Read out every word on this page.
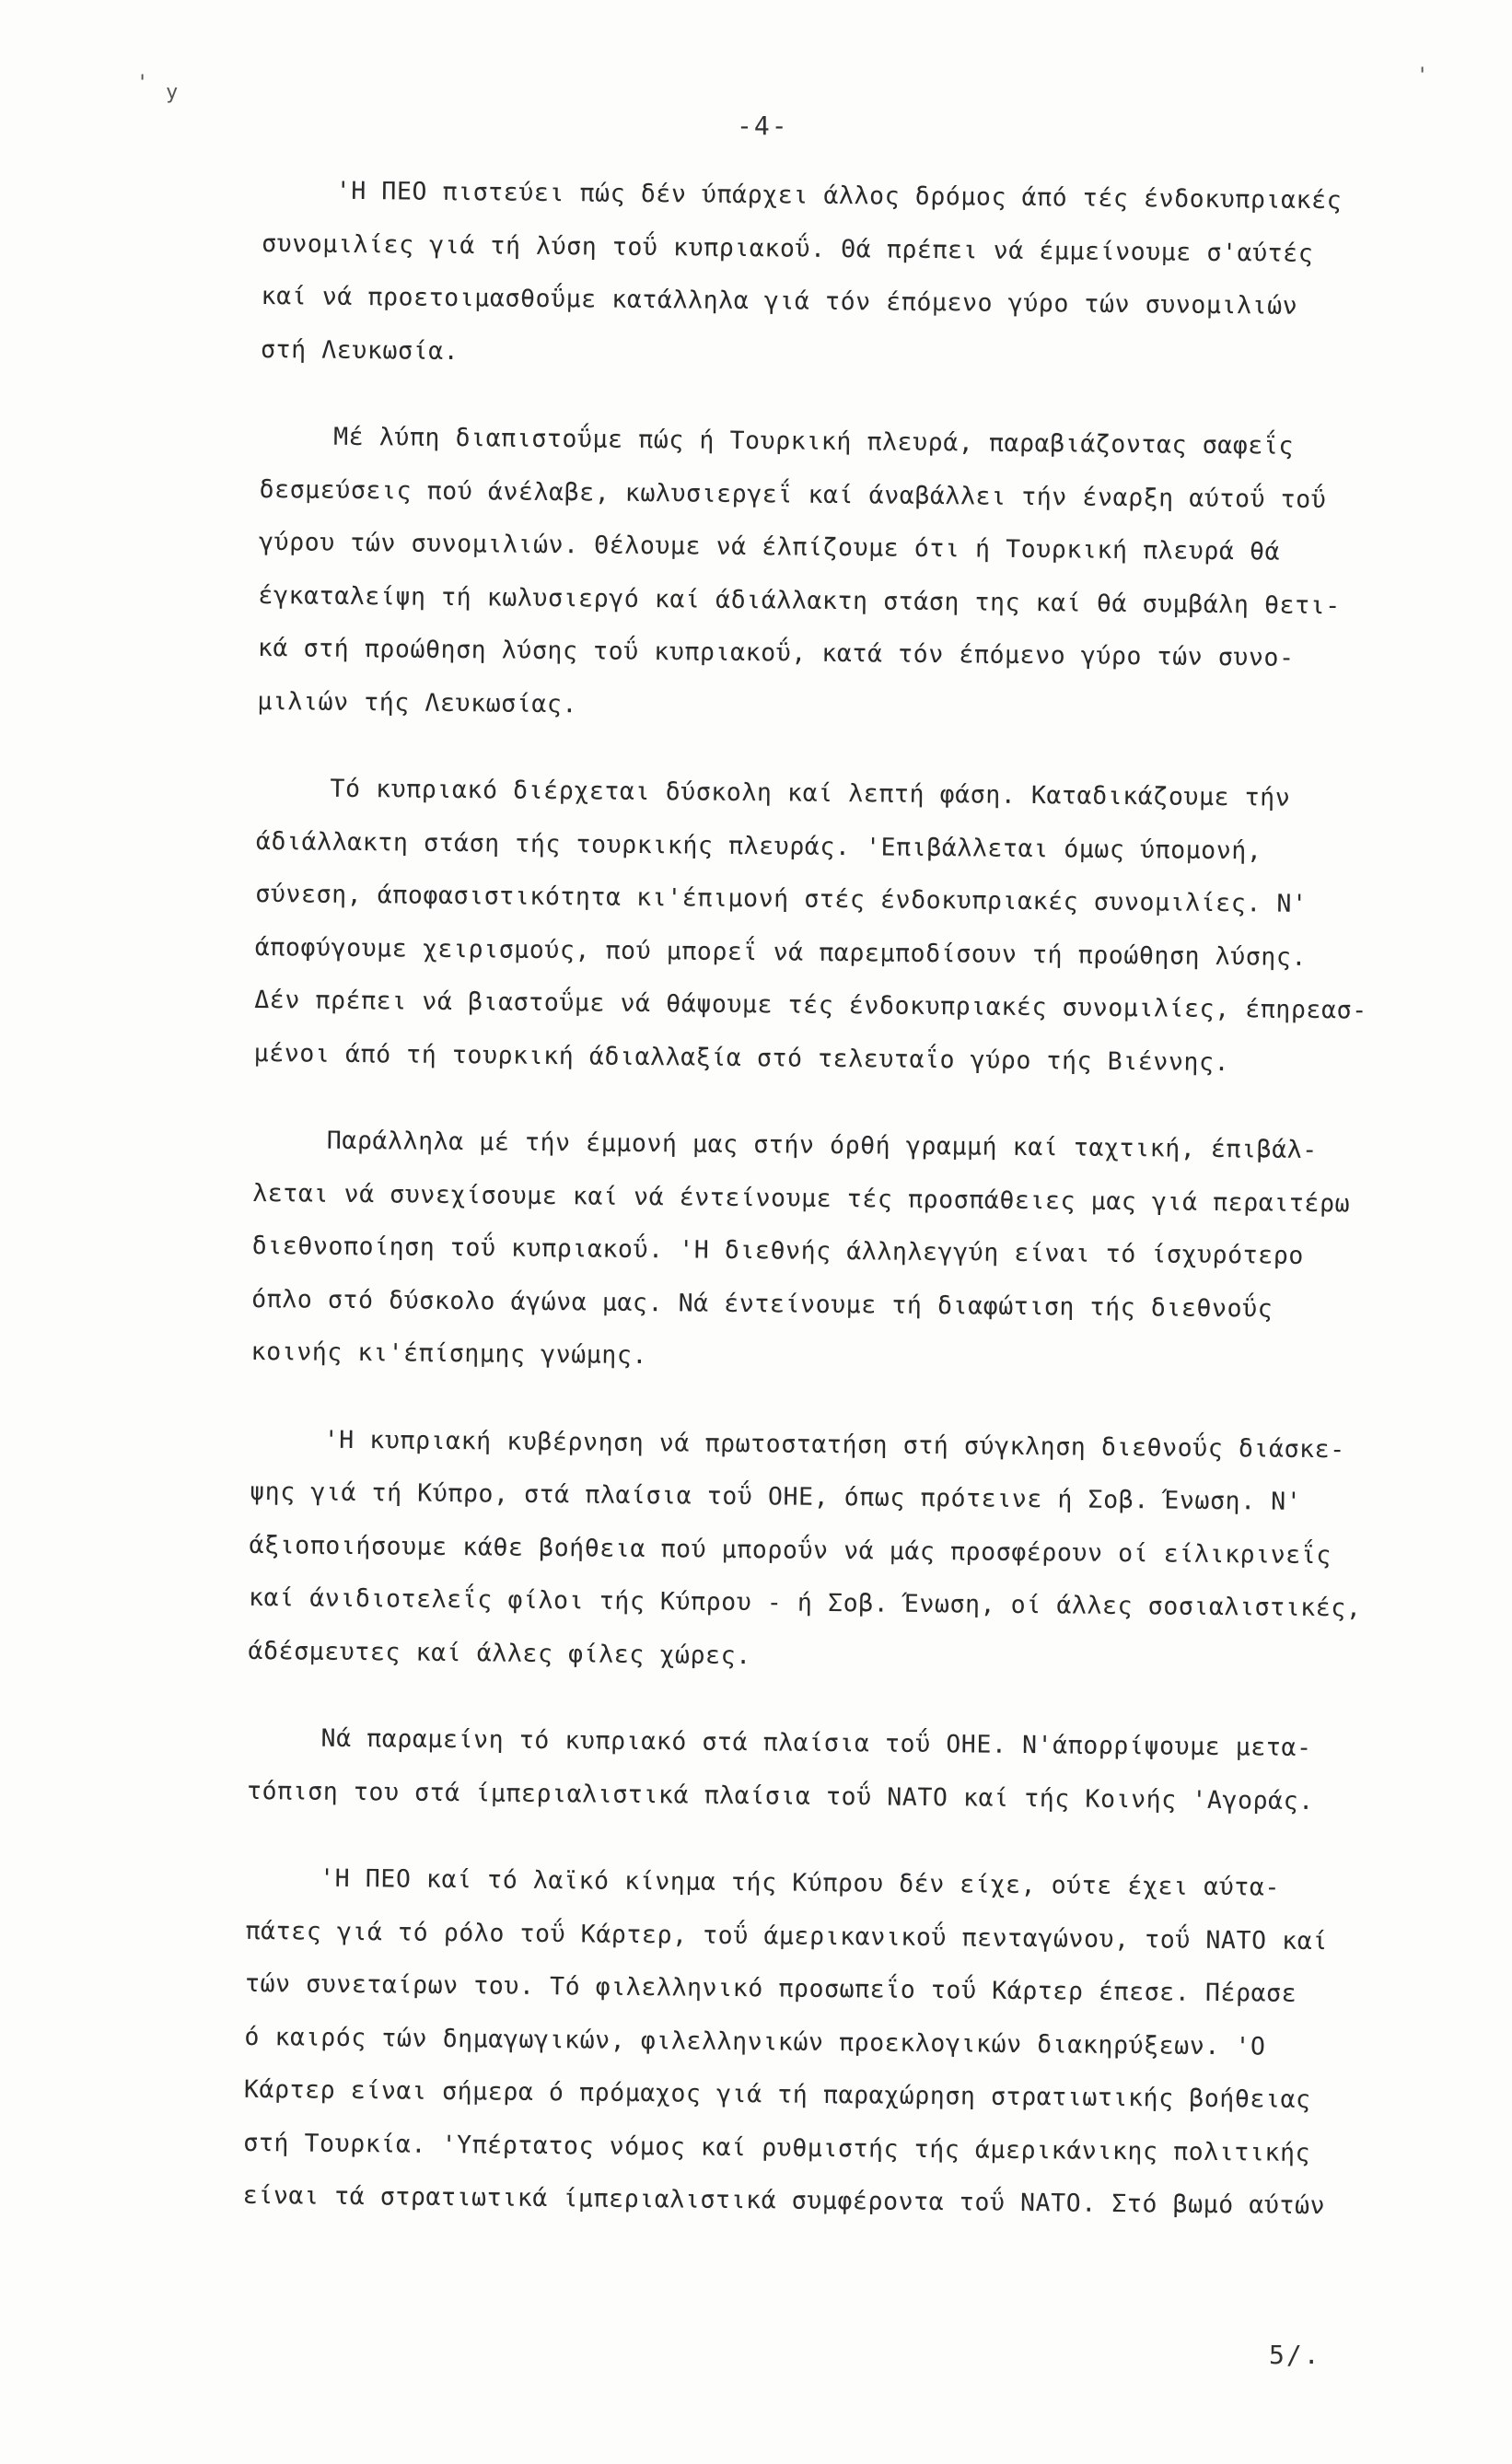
' у
'
-4-
'Η ΠΕΟ πιστεύει πώς δέν ύπάρχει άλλος δρόμος άπό τές ένδοκυπριακές
συνομιλίες γιά τή λύση τοΰ κυπριακοΰ. Θά πρέπει νά έμμείνουμε σ'αύτές
καί νά προετοιμασθοΰμε κατάλληλα γιά τόν έπόμενο γύρο τών συνομιλιών
στή Λευκωσία.
Μέ λύπη διαπιστοΰμε πώς ή Τουρκική πλευρά, παραβιάζοντας σαφεΐς
δεσμεύσεις πού άνέλαβε, κωλυσιεργεΐ καί άναβάλλει τήν έναρξη αύτοΰ τοΰ
γύρου τών συνομιλιών. Θέλουμε νά έλπίζουμε ότι ή Τουρκική πλευρά θά
έγκαταλείψη τή κωλυσιεργό καί άδιάλλακτη στάση της καί θά συμβάλη θετι-
κά στή προώθηση λύσης τοΰ κυπριακοΰ, κατά τόν έπόμενο γύρο τών συνο-
μιλιών τής Λευκωσίας.
Τό κυπριακό διέρχεται δύσκολη καί λεπτή φάση. Καταδικάζουμε τήν
άδιάλλακτη στάση τής τουρκικής πλευράς. 'Επιβάλλεται όμως ύπομονή,
σύνεση, άποφασιστικότητα κι'έπιμονή στές ένδοκυπριακές συνομιλίες. Ν'
άποφύγουμε χειρισμούς, πού μπορεΐ νά παρεμποδίσουν τή προώθηση λύσης.
Δέν πρέπει νά βιαστοΰμε νά θάψουμε τές ένδοκυπριακές συνομιλίες, έπηρεασ-
μένοι άπό τή τουρκική άδιαλλαξία στό τελευταΐο γύρο τής Βιέννης.
Παράλληλα μέ τήν έμμονή μας στήν όρθή γραμμή καί ταχτική, έπιβάλ-
λεται νά συνεχίσουμε καί νά έντείνουμε τές προσπάθειες μας γιά περαιτέρω
διεθνοποίηση τοΰ κυπριακοΰ. 'Η διεθνής άλληλεγγύη είναι τό ίσχυρότερο
όπλο στό δύσκολο άγώνα μας. Νά έντείνουμε τή διαφώτιση τής διεθνοΰς
κοινής κι'έπίσημης γνώμης.
'Η κυπριακή κυβέρνηση νά πρωτοστατήση στή σύγκληση διεθνοΰς διάσκε-
ψης γιά τή Κύπρο, στά πλαίσια τοΰ ΟΗΕ, όπως πρότεινε ή Σοβ. Ένωση. Ν'
άξιοποιήσουμε κάθε βοήθεια πού μποροΰν νά μάς προσφέρουν οί είλικρινεΐς
καί άνιδιοτελεΐς φίλοι τής Κύπρου - ή Σοβ. Ένωση, οί άλλες σοσιαλιστικές,
άδέσμευτες καί άλλες φίλες χώρες.
Νά παραμείνη τό κυπριακό στά πλαίσια τοΰ ΟΗΕ. Ν'άπορρίψουμε μετα-
τόπιση του στά ίμπεριαλιστικά πλαίσια τοΰ ΝΑΤΟ καί τής Κοινής 'Αγοράς.
'Η ΠΕΟ καί τό λαϊκό κίνημα τής Κύπρου δέν είχε, ούτε έχει αύτα-
πάτες γιά τό ρόλο τοΰ Κάρτερ, τοΰ άμερικανικοΰ πενταγώνου, τοΰ ΝΑΤΟ καί
τών συνεταίρων του. Τό φιλελληνικό προσωπεΐο τοΰ Κάρτερ έπεσε. Πέρασε
ό καιρός τών δημαγωγικών, φιλελληνικών προεκλογικών διακηρύξεων. 'Ο
Κάρτερ είναι σήμερα ό πρόμαχος γιά τή παραχώρηση στρατιωτικής βοήθειας
στή Τουρκία. 'Υπέρτατος νόμος καί ρυθμιστής τής άμερικάνικης πολιτικής
είναι τά στρατιωτικά ίμπεριαλιστικά συμφέροντα τοΰ ΝΑΤΟ. Στό βωμό αύτών
5/.
